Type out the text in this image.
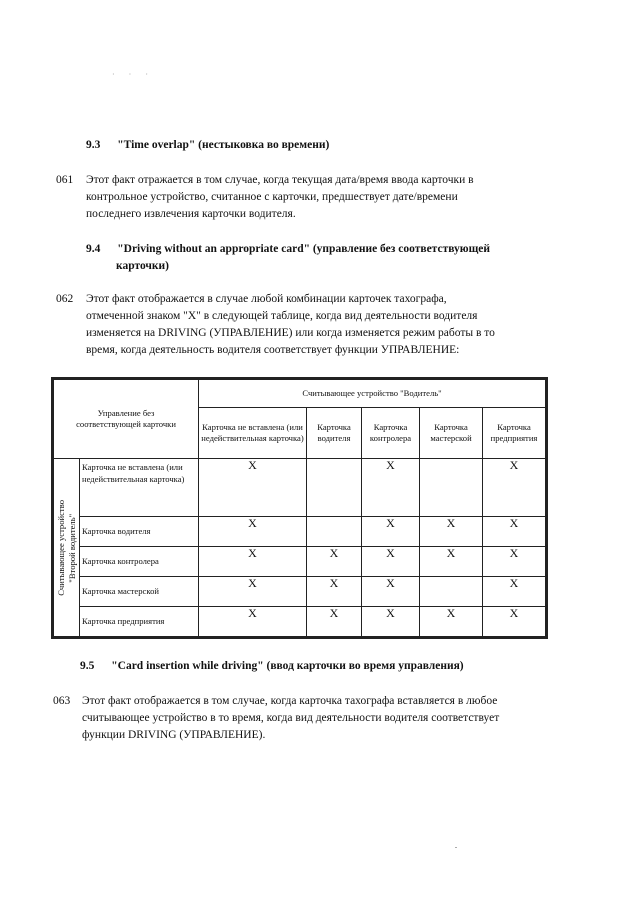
· · ·
9.3 "Time overlap" (нестыковка во времени)
061 Этот факт отражается в том случае, когда текущая дата/время ввода карточки в
контрольное устройство, считанное с карточки, предшествует дате/времени
последнего извлечения карточки водителя.
9.4 "Driving without an appropriate card" (управление без соответствующей
карточки)
062 Этот факт отображается в случае любой комбинации карточек тахографа,
отмеченной знаком "X" в следующей таблице, когда вид деятельности водителя
изменяется на DRIVING (УПРАВЛЕНИЕ) или когда изменяется режим работы в то
время, когда деятельность водителя соответствует функции УПРАВЛЕНИЕ:
Управление без
соответствующей карточки		Считывающее устройство "Водитель"				
		Карточка не вставлена (или недействительная карточка)	Карточка водителя	Карточка контролера	Карточка мастерской	Карточка предприятия

Считывающее устройство
"Второй водитель"	Карточка не вставлена (или недействительная карточка)	X		X		X
	Карточка водителя	X		X	X	X
	Карточка контролера	X	X	X	X	X
	Карточка мастерской	X	X	X		X
	Карточка предприятия	X	X	X	X	X
9.5 "Card insertion while driving" (ввод карточки во время управления)
063 Этот факт отображается в том случае, когда карточка тахографа вставляется в любое
считывающее устройство в то время, когда вид деятельности водителя соответствует
функции DRIVING (УПРАВЛЕНИЕ).
